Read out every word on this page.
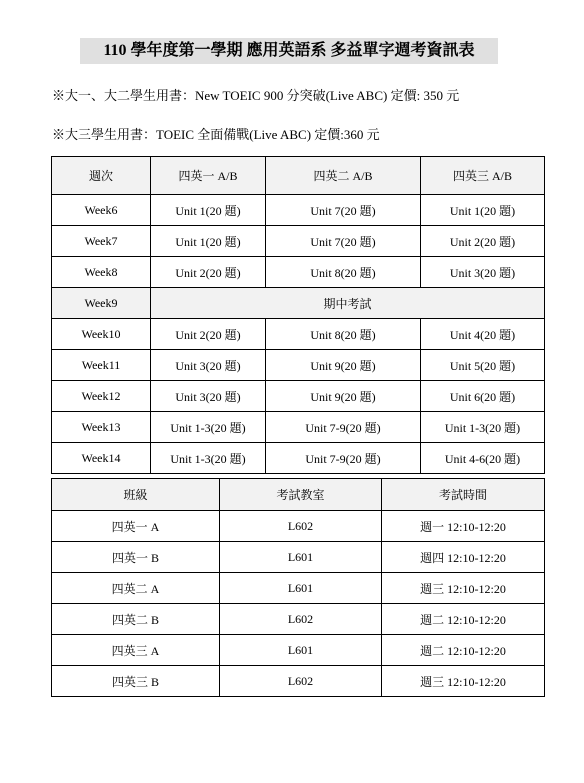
110 學年度第一學期 應用英語系 多益單字週考資訊表
※大一、大二學生用書：New TOEIC 900 分突破(Live ABC) 定價: 350 元
※大三學生用書：TOEIC 全面備戰(Live ABC) 定價:360 元
週次	四英一 A/B	四英二 A/B	四英三 A/B
Week6	Unit 1(20 題)	Unit 7(20 題)	Unit 1(20 題)
Week7	Unit 1(20 題)	Unit 7(20 題)	Unit 2(20 題)
Week8	Unit 2(20 題)	Unit 8(20 題)	Unit 3(20 題)
Week9	期中考試		
Week10	Unit 2(20 題)	Unit 8(20 題)	Unit 4(20 題)
Week11	Unit 3(20 題)	Unit 9(20 題)	Unit 5(20 題)
Week12	Unit 3(20 題)	Unit 9(20 題)	Unit 6(20 題)
Week13	Unit 1-3(20 題)	Unit 7-9(20 題)	Unit 1-3(20 題)
Week14	Unit 1-3(20 題)	Unit 7-9(20 題)	Unit 4-6(20 題)
班級	考試教室	考試時間
四英一 A	L602	週一 12:10-12:20
四英一 B	L601	週四 12:10-12:20
四英二 A	L601	週三 12:10-12:20
四英二 B	L602	週二 12:10-12:20
四英三 A	L601	週二 12:10-12:20
四英三 B	L602	週三 12:10-12:20
